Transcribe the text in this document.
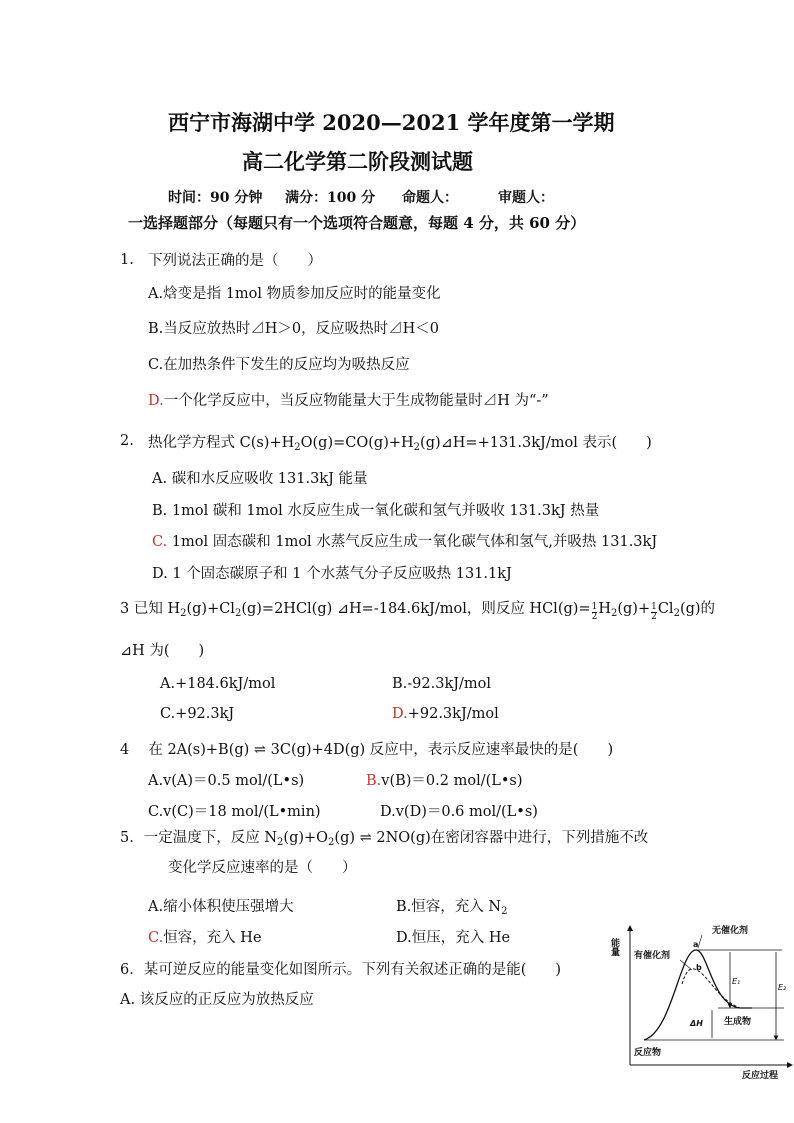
西宁市海湖中学 2020—2021 学年度第一学期
高二化学第二阶段测试题
时间：90 分钟 满分：100 分 命题人：	审题人：
一选择题部分（每题只有一个选项符合题意，每题 4 分，共 60 分）
1. 下列说法正确的是（　　）
A.焓变是指 1mol 物质参加反应时的能量变化
B.当反应放热时⊿H＞0，反应吸热时⊿H＜0
C.在加热条件下发生的反应均为吸热反应
D.一个化学反应中，当反应物能量大于生成物能量时⊿H 为“-”
2. 热化学方程式 $C(s)+H_2O(g)=CO(g)+H_2(g)⊿H=+131.3kJ$/mol 表示(　　)
A. 碳和水反应吸收 131.3kJ 能量
B. 1mol 碳和 1mol 水反应生成一氧化碳和氢气并吸收 131.3kJ 热量
C. 1mol 固态碳和 1mol 水蒸气反应生成一氧化碳气体和氢气,并吸热 131.3kJ
D. 1 个固态碳原子和 1 个水蒸气分子反应吸热 131.1kJ
3 已知 $H_2(g)+Cl_2(g)=2HCl(g)$ ⊿H=-184.6kJ/mol，则反应 $HCl(g)= \frac{1}{2} H_2(g)+ \frac{1}{2} Cl_2(g)$的
⊿H 为(　　)
A.+184.6kJ/mol	B.-92.3kJ/mol
C.+92.3kJ	D.+92.3kJ/mol
4　 在 2A(s)+B(g) ⇌ 3C(g)+4D(g) 反应中，表示反应速率最快的是(　　)
A.v(A)＝0.5 mol/(L•s)	B.v(B)＝0.2 mol/(L•s)
C.v(C)＝18 mol/(L•min)	D.v(D)＝0.6 mol/(L•s)
5．一定温度下，反应 $N_2(g)+O_2(g)$ ⇌ 2NO(g)在密闭容器中进行，下列措施不改
变化学反应速率的是（　　）
A.缩小体积使压强增大	B.恒容，充入 $N_2$
C.恒容，充入 He	D.恒压，充入 He
6．某可逆反应的能量变化如图所示。下列有关叙述正确的是能(　　)
A. 该反应的正反应为放热反应
能量
反应过程
无催化剂
有催化剂
a
b
E₁
E₂
ΔH 生成物
反应物
